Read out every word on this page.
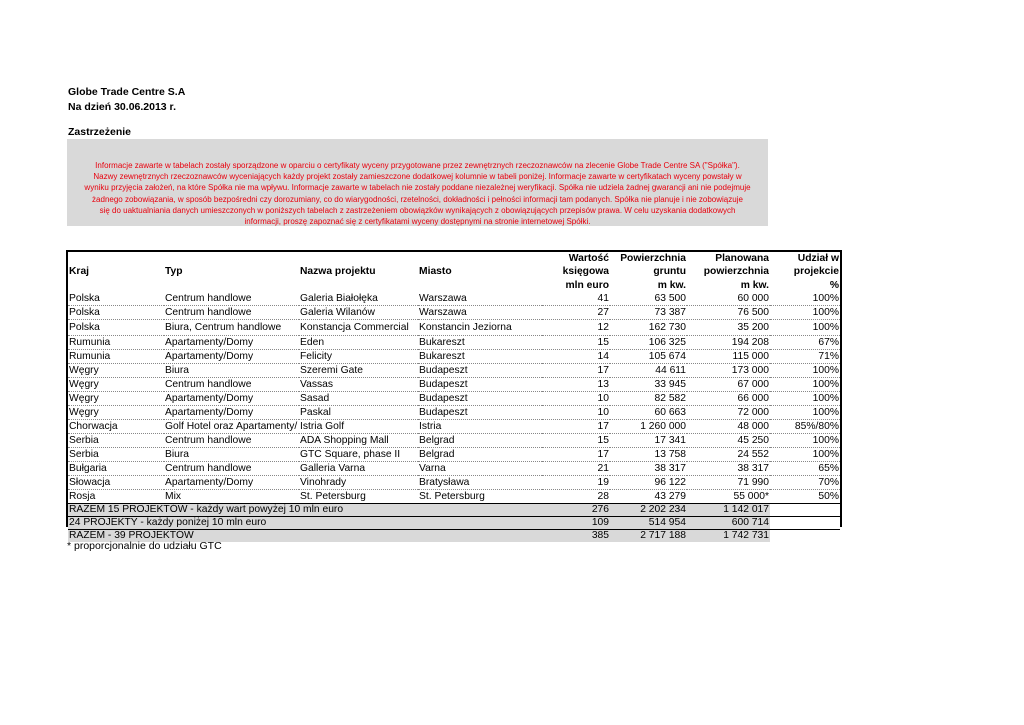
Globe Trade Centre S.A
Na dzień 30.06.2013 r.
Zastrzeżenie
Informacje zawarte w tabelach zostały sporządzone w oparciu o certyfikaty wyceny przygotowane przez zewnętrznych rzeczoznawców na zlecenie Globe Trade Centre SA ("Spółka").
Nazwy zewnętrznych rzeczoznawców wyceniających każdy projekt zostały zamieszczone dodatkowej kolumnie w tabeli poniżej. Informacje zawarte w certyfikatach wyceny powstały w
wyniku przyjęcia założeń, na które Spółka nie ma wpływu. Informacje zawarte w tabelach nie zostały poddane niezależnej weryfikacji. Spółka nie udziela żadnej gwarancji ani nie podejmuje
żadnego zobowiązania, w sposób bezpośredni czy dorozumiany, co do wiarygodności, rzetelności, dokładności i pełności informacji tam podanych. Spółka nie planuje i nie zobowiązuje
się do uaktualniania danych umieszczonych w poniższych tabelach z zastrzeżeniem obowiązków wynikających z obowiązujących przepisów prawa. W celu uzyskania dodatkowych
informacji, proszę zapoznać się z certyfikatami wyceny dostępnymi na stronie internetowej Spółki.
				Wartość	Powierzchnia	Planowana	Udział w
Kraj	Typ	Nazwa projektu	Miasto	księgowa	gruntu	powierzchnia	projekcie
				mln euro	m kw.	m kw.	%
Polska	Centrum handlowe	Galeria Białołęka	Warszawa	41	63 500	60 000	100%
Polska	Centrum handlowe	Galeria Wilanów	Warszawa	27	73 387	76 500	100%
Polska	Biura, Centrum handlowe	Konstancja Commercial	Konstancin Jeziorna	12	162 730	35 200	100%
Rumunia	Apartamenty/Domy	Eden	Bukareszt	15	106 325	194 208	67%
Rumunia	Apartamenty/Domy	Felicity	Bukareszt	14	105 674	115 000	71%
Węgry	Biura	Szeremi Gate	Budapeszt	17	44 611	173 000	100%
Węgry	Centrum handlowe	Vassas	Budapeszt	13	33 945	67 000	100%
Węgry	Apartamenty/Domy	Sasad	Budapeszt	10	82 582	66 000	100%
Węgry	Apartamenty/Domy	Paskal	Budapeszt	10	60 663	72 000	100%
Chorwacja	Golf Hotel oraz Apartamenty/	Istria Golf	Istria	17	1 260 000	48 000	85%/80%
Serbia	Centrum handlowe	ADA Shopping Mall	Belgrad	15	17 341	45 250	100%
Serbia	Biura	GTC Square, phase II	Belgrad	17	13 758	24 552	100%
Bułgaria	Centrum handlowe	Galleria Varna	Varna	21	38 317	38 317	65%
Słowacja	Apartamenty/Domy	Vinohrady	Bratysława	19	96 122	71 990	70%
Rosja	Mix	St. Petersburg	St. Petersburg	28	43 279	55 000*	50%
RAZEM 15 PROJEKTÓW - każdy wart powyżej 10 mln euro				276	2 202 234	1 142 017	
24 PROJEKTY - każdy poniżej 10 mln euro				109	514 954	600 714	
RAZEM - 39 PROJEKTÓW				385	2 717 188	1 742 731	
* proporcjonalnie do udziału GTC
